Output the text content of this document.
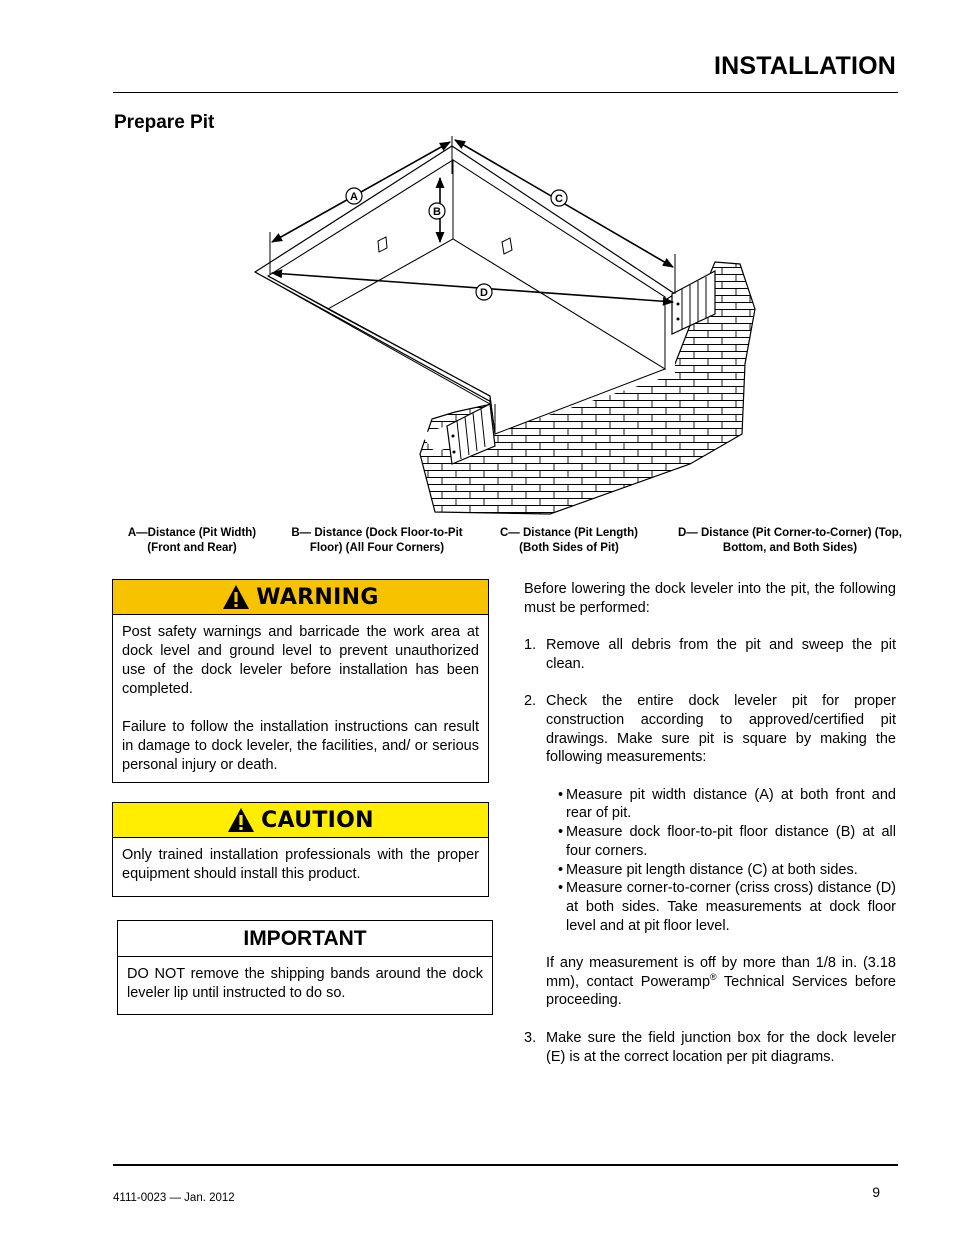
INSTALLATION
Prepare Pit
A
B
C
D
A—Distance (Pit Width)
(Front and Rear)
B— Distance (Dock Floor-to-Pit
Floor) (All Four Corners)
C— Distance (Pit Length)
(Both Sides of Pit)
D— Distance (Pit Corner-to-Corner) (Top,
Bottom, and Both Sides)
WARNING

Post safety warnings and barricade the work area at dock level and ground level to prevent unauthorized use of the dock leveler before installation has been completed.

Failure to follow the installation instructions can result in damage to dock leveler, the facilities, and/ or serious personal injury or death.

CAUTION

Only trained installation professionals with the proper equipment should install this product.

IMPORTANT

DO NOT remove the shipping bands around the dock leveler lip until instructed to do so.

Before lowering the dock leveler into the pit, the following must be performed:

1. Remove all debris from the pit and sweep the pit clean.
2. Check the entire dock leveler pit for proper construction according to approved/certified pit drawings. Make sure pit is square by making the following measurements:
• Measure pit width distance (A) at both front and rear of pit.
• Measure dock floor-to-pit floor distance (B) at all four corners.
• Measure pit length distance (C) at both sides.
• Measure corner-to-corner (criss cross) distance (D) at both sides. Take measurements at dock floor level and at pit floor level.
If any measurement is off by more than 1/8 in. (3.18 mm), contact Poweramp® Technical Services before proceeding.
3. Make sure the field junction box for the dock leveler (E) is at the correct location per pit diagrams.
4111-0023 — Jan. 2012	9
